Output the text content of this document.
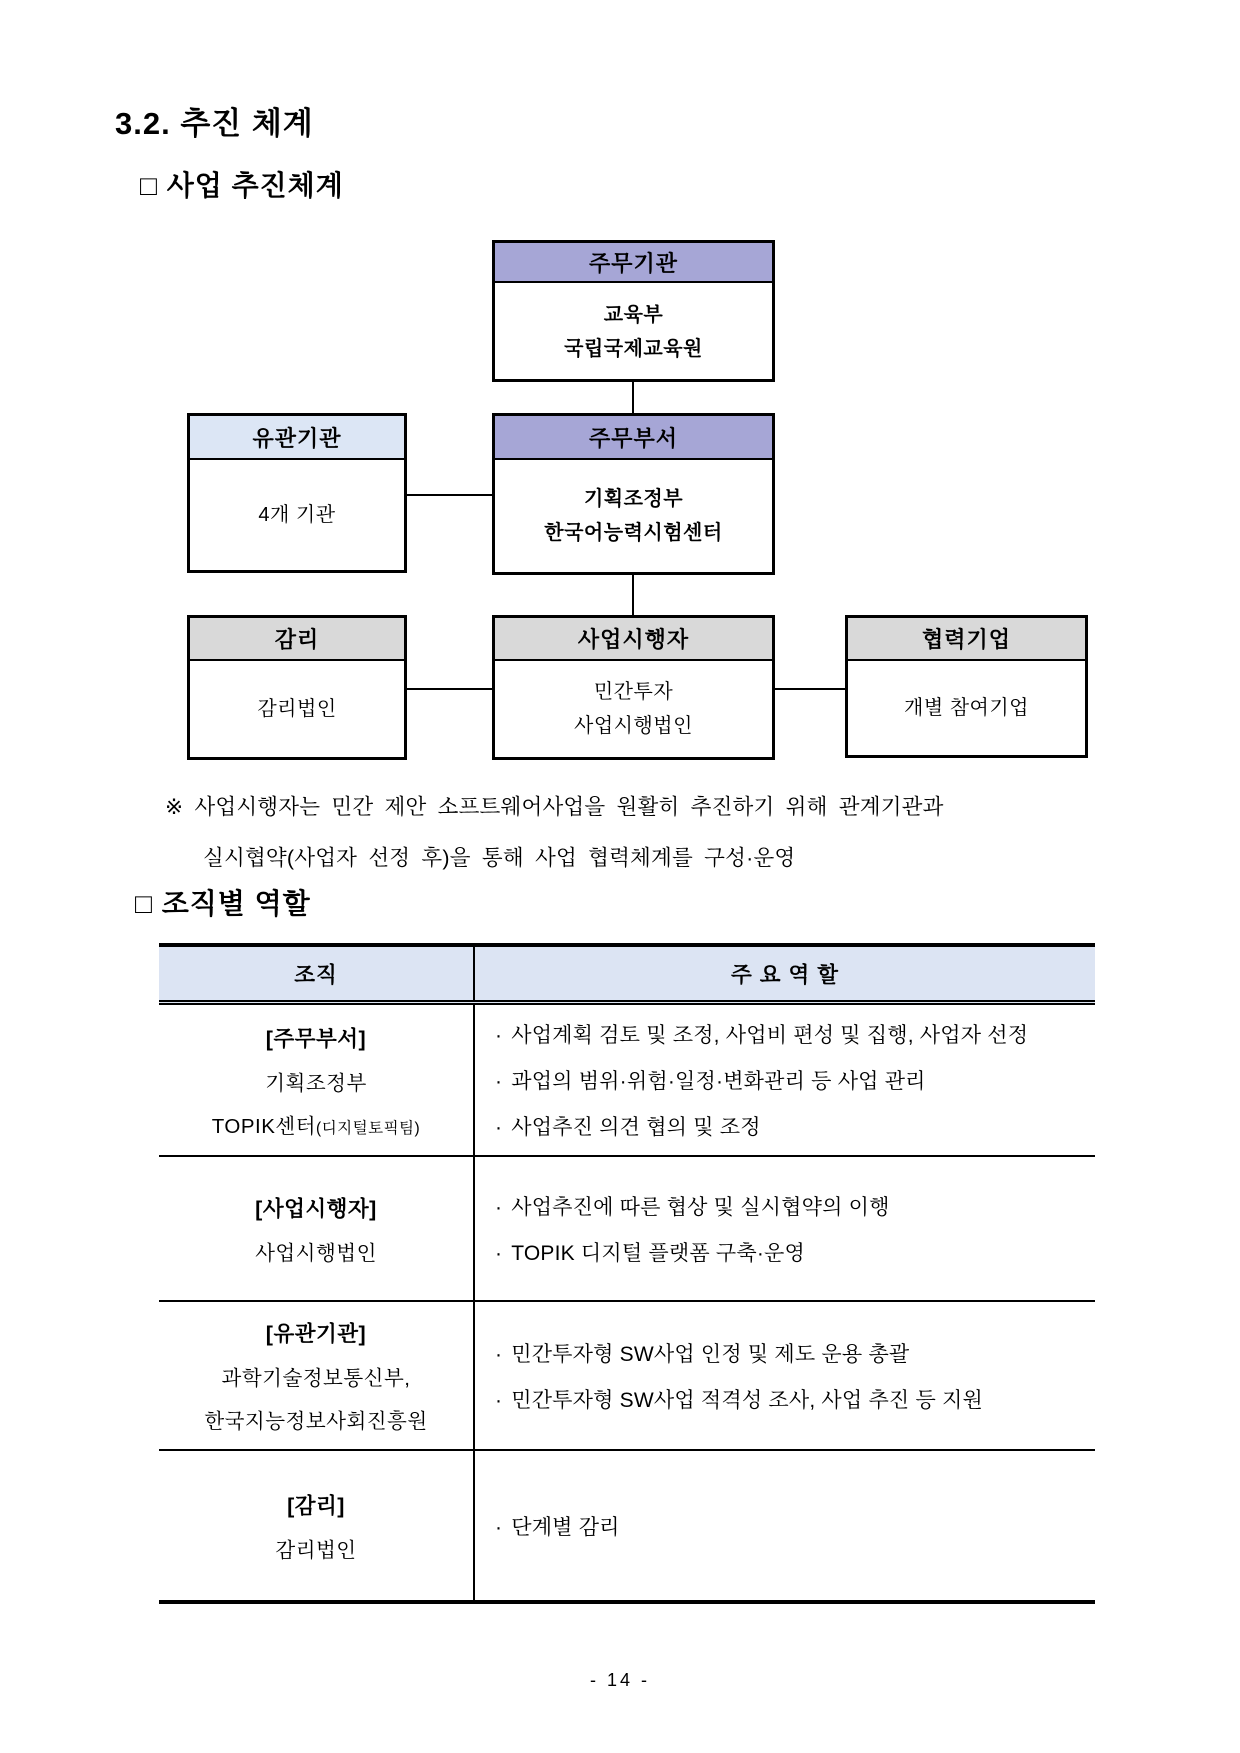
3.2. 추진 체계
□ 사업 추진체계
주무기관
교육부
국립국제교육원
유관기관
4개 기관
주무부서
기획조정부
한국어능력시험센터
감리
감리법인
사업시행자
민간투자
사업시행법인
협력기업
개별 참여기업
※ 사업시행자는 민간 제안 소프트웨어사업을 원활히 추진하기 위해 관계기관과
실시협약(사업자 선정 후)을 통해 사업 협력체계를 구성·운영
□ 조직별 역할
조직	주 요 역 할
[주무부서]
기획조정부
TOPIK센터(디지털토픽팀)
· 사업계획 검토 및 조정, 사업비 편성 및 집행, 사업자 선정
· 과업의 범위·위험·일정·변화관리 등 사업 관리
· 사업추진 의견 협의 및 조정
[사업시행자]
사업시행법인
· 사업추진에 따른 협상 및 실시협약의 이행
· TOPIK 디지털 플랫폼 구축·운영
[유관기관]
과학기술정보통신부,
한국지능정보사회진흥원
· 민간투자형 SW사업 인정 및 제도 운용 총괄
· 민간투자형 SW사업 적격성 조사, 사업 추진 등 지원
[감리]
감리법인
· 단계별 감리
- 14 -
